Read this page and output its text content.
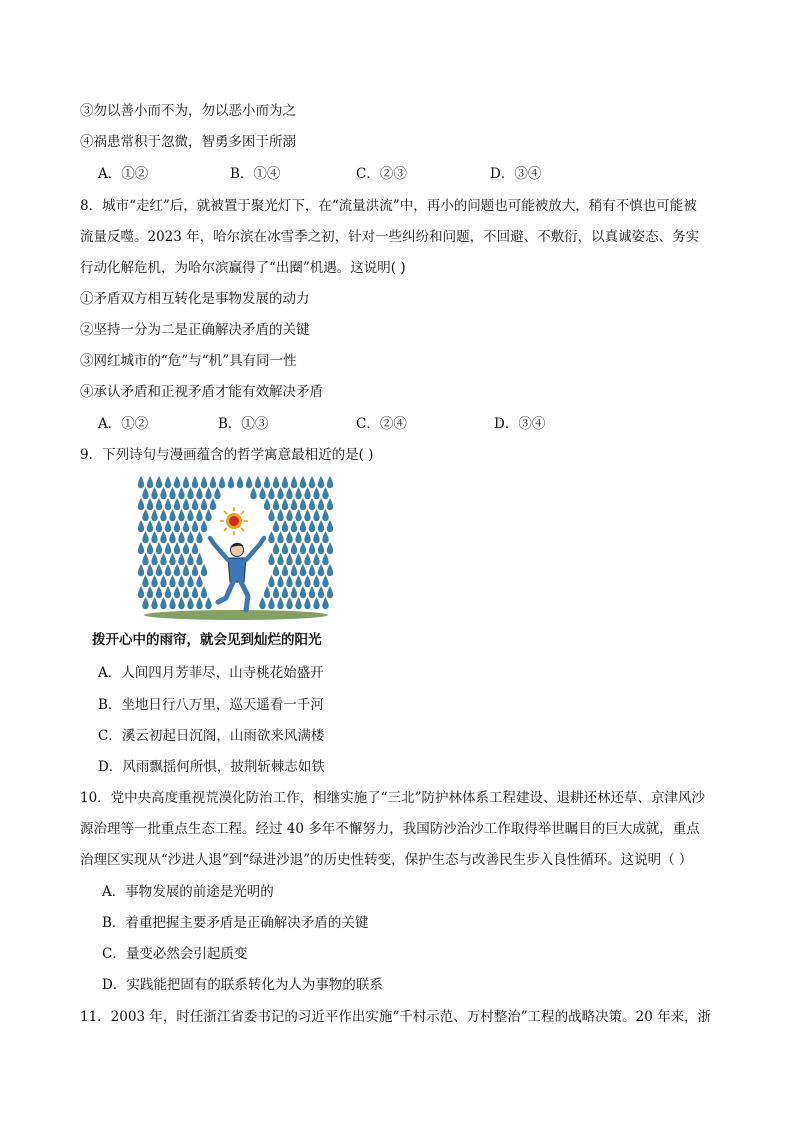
③勿以善小而不为，勿以恶小而为之
④祸患常积于忽微，智勇多困于所溺
A．①②	B．①④	C．②③	D．③④
8．城市“走红”后，就被置于聚光灯下，在“流量洪流”中，再小的问题也可能被放大，稍有不慎也可能被
流量反噬。2023 年，哈尔滨在冰雪季之初，针对一些纠纷和问题，不回避、不敷衍，以真诚姿态、务实
行动化解危机，为哈尔滨赢得了“出圈”机遇。这说明( )
①矛盾双方相互转化是事物发展的动力
②坚持一分为二是正确解决矛盾的关键
③网红城市的“危”与“机”具有同一性
④承认矛盾和正视矛盾才能有效解决矛盾
A．①②	B．①③	C．②④	D．③④
9．下列诗句与漫画蕴含的哲学寓意最相近的是( )
拨开心中的雨帘，就会见到灿烂的阳光
A．人间四月芳菲尽，山寺桃花始盛开
B．坐地日行八万里，巡天遥看一千河
C．溪云初起日沉阁，山雨欲来风满楼
D．风雨飘摇何所惧，披荆斩棘志如铁
10．党中央高度重视荒漠化防治工作，相继实施了“三北”防护林体系工程建设、退耕还林还草、京津风沙
源治理等一批重点生态工程。经过 40 多年不懈努力，我国防沙治沙工作取得举世瞩目的巨大成就，重点
治理区实现从“沙进人退”到“绿进沙退”的历史性转变，保护生态与改善民生步入良性循环。这说明（ ）
A．事物发展的前途是光明的
B．着重把握主要矛盾是正确解决矛盾的关键
C．量变必然会引起质变
D．实践能把固有的联系转化为人为事物的联系
11．2003 年，时任浙江省委书记的习近平作出实施“千村示范、万村整治”工程的战略决策。20 年来，浙
